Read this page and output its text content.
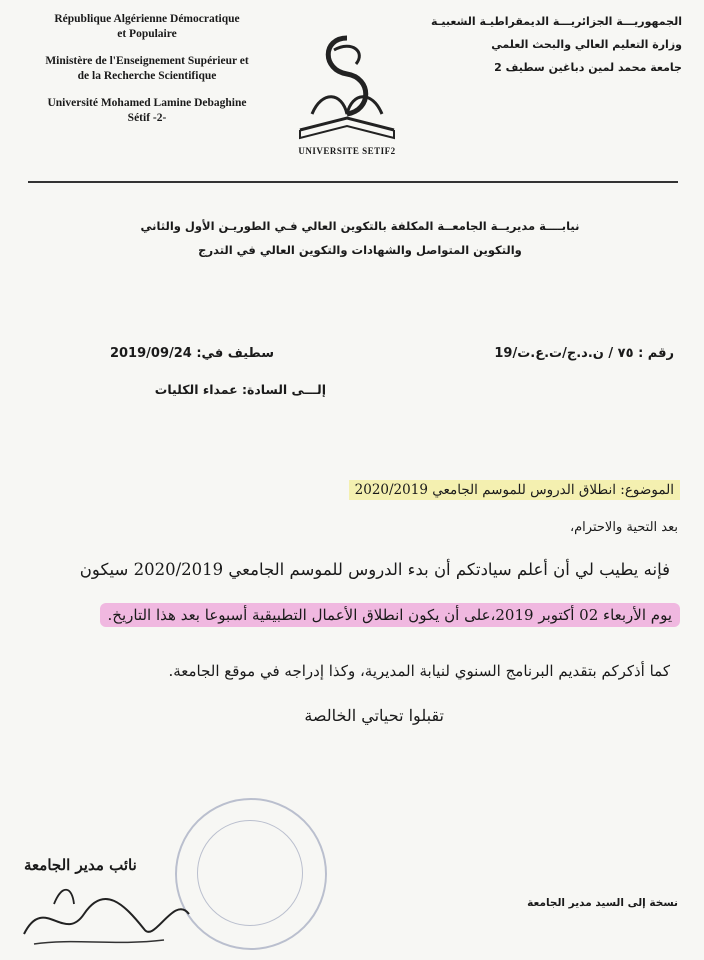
République Algérienne Démocratique
et Populaire
Ministère de l'Enseignement Supérieur et
de la Recherche Scientifique
Université Mohamed Lamine Debaghine
Sétif -2-
UNIVERSITE SETIF2
الجمهوريـــة الجزائريـــة الديمقراطيـة الشعبيـة
وزارة التعليم العالي والبحث العلمي
جامعة محمد لمين دباغين سطيف 2
نيابــــة مديريــة الجامعــة المكلفة بالتكوين العالي فـي الطوريـن الأول والثاني
والتكوين المتواصل والشهادات والتكوين العالي في التدرج
رقم : ٧٥ / ن.د.ج/ت.ع.ت/19
سطيف في: 2019/09/24
إلـــى السادة: عمداء الكليات
الموضوع: انطلاق الدروس للموسم الجامعي 2020/2019
بعد التحية والاحترام،
فإنه يطيب لي أن أعلم سيادتكم أن بدء الدروس للموسم الجامعي 2020/2019 سيكون
يوم الأربعاء 02 أكتوبر 2019،على أن يكون انطلاق الأعمال التطبيقية أسبوعا بعد هذا التاريخ.
كما أذكركم بتقديم البرنامج السنوي لنيابة المديرية، وكذا إدراجه في موقع الجامعة.
تقبلوا تحياتي الخالصة
نائب مدير الجامعة
نسخة إلى السيد مدير الجامعة
